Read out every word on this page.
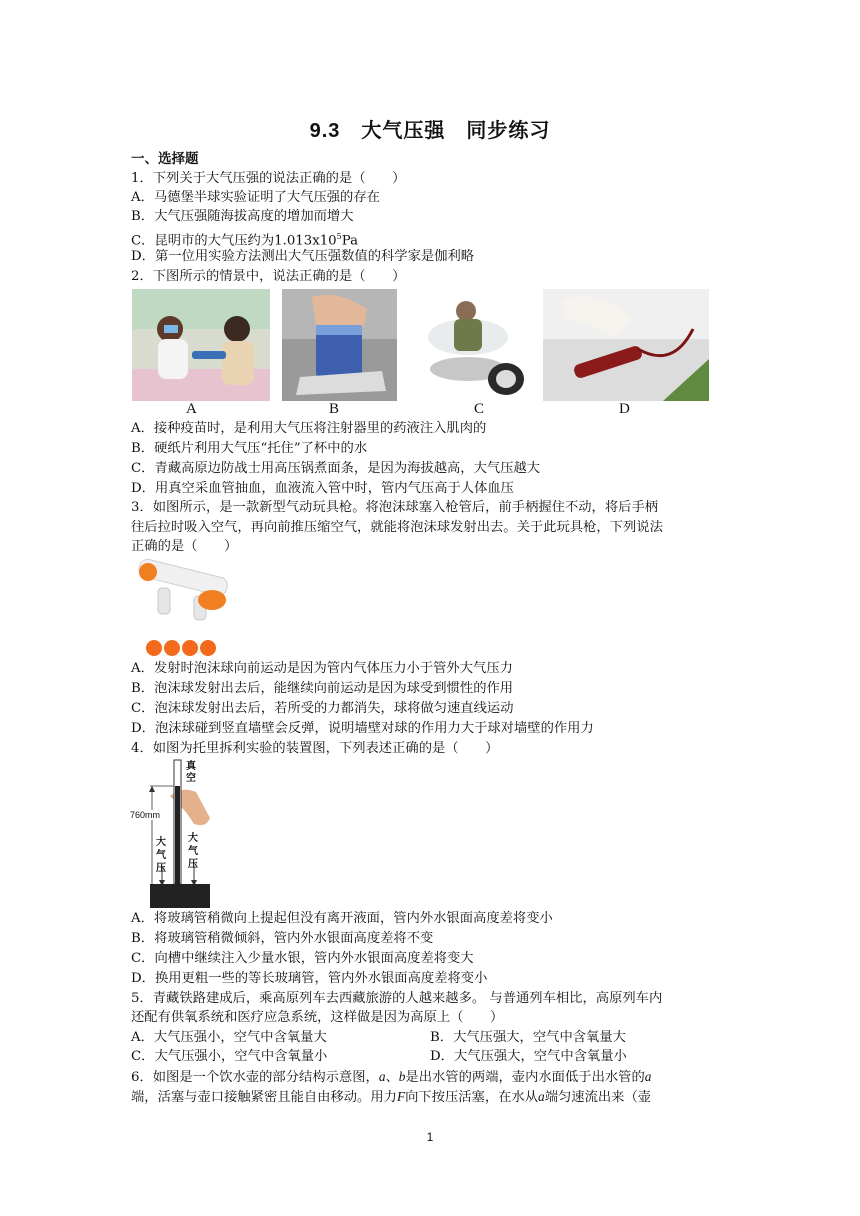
9.3　大气压强　同步练习
一、选择题
1．下列关于大气压强的说法正确的是（　　）
A．马德堡半球实验证明了大气压强的存在
B．大气压强随海拔高度的增加而增大
C．昆明市的大气压约为$1.013x10^5Pa$
D．第一位用实验方法测出大气压强数值的科学家是伽利略
2．下图所示的情景中，说法正确的是（　　）
A	B	C	D
A．接种疫苗时，是利用大气压将注射器里的药液注入肌肉的
B．硬纸片利用大气压“托住”了杯中的水
C．青藏高原边防战士用高压锅煮面条，是因为海拔越高，大气压越大
D．用真空采血管抽血，血液流入管中时，管内气压高于人体血压
3．如图所示，是一款新型气动玩具枪。将泡沫球塞入枪管后，前手柄握住不动，将后手柄
往后拉时吸入空气，再向前推压缩空气，就能将泡沫球发射出去。关于此玩具枪，下列说法
正确的是（　　）
A．发射时泡沫球向前运动是因为管内气体压力小于管外大气压力
B．泡沫球发射出去后，能继续向前运动是因为球受到惯性的作用
C．泡沫球发射出去后，若所受的力都消失，球将做匀速直线运动
D．泡沫球碰到竖直墙壁会反弹，说明墙壁对球的作用力大于球对墙壁的作用力
4．如图为托里拆利实验的装置图，下列表述正确的是（　　）
真
空
760mm
大
气
压
大
气
压
A．将玻璃管稍微向上提起但没有离开液面，管内外水银面高度差将变小
B．将玻璃管稍微倾斜，管内外水银面高度差将不变
C．向槽中继续注入少量水银，管内外水银面高度差将变大
D．换用更粗一些的等长玻璃管，管内外水银面高度差将变小
5．青藏铁路建成后，乘高原列车去西藏旅游的人越来越多。 与普通列车相比，高原列车内
还配有供氧系统和医疗应急系统，这样做是因为高原上（　　）
A．大气压强小，空气中含氧量大	B．大气压强大，空气中含氧量大
C．大气压强小，空气中含氧量小	D．大气压强大，空气中含氧量小
6．如图是一个饮水壶的部分结构示意图，a、b是出水管的两端，壶内水面低于出水管的a
端，活塞与壶口接触紧密且能自由移动。用力F向下按压活塞，在水从a端匀速流出来（壶
1
